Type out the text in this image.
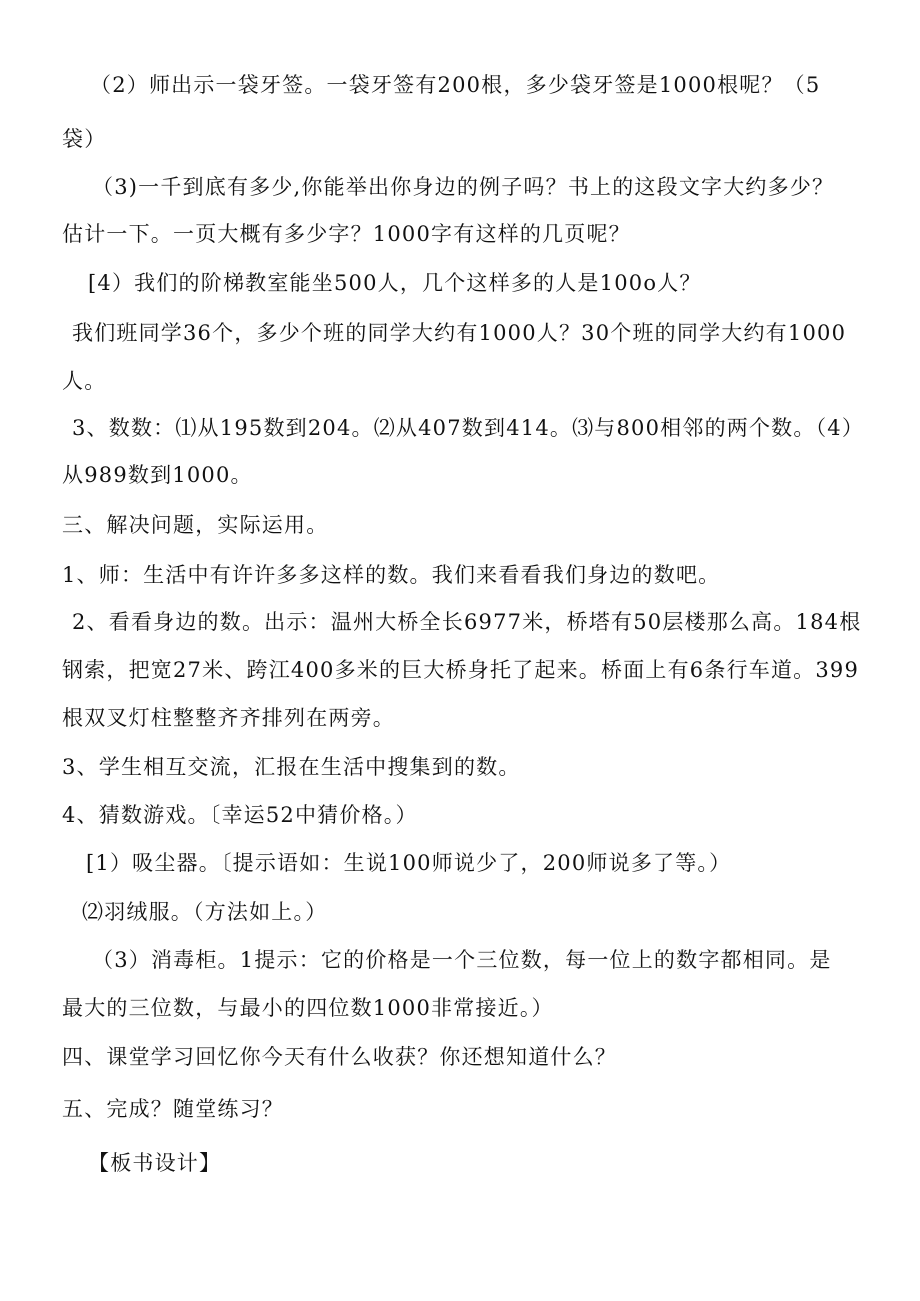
（2）师出示一袋牙签。一袋牙签有200根，多少袋牙签是1000根呢？（5
袋）
（3)一千到底有多少,你能举出你身边的例子吗？书上的这段文字大约多少？
估计一下。一页大概有多少字？1000字有这样的几页呢？
[4）我们的阶梯教室能坐500人，几个这样多的人是100o人？
我们班同学36个，多少个班的同学大约有1000人？30个班的同学大约有1000
人。
3、数数：⑴从195数到204。⑵从407数到414。⑶与800相邻的两个数。（4）
从989数到1000。
三、解决问题，实际运用。
1、师：生活中有许许多多这样的数。我们来看看我们身边的数吧。
2、看看身边的数。出示：温州大桥全长6977米，桥塔有50层楼那么高。184根
钢索，把宽27米、跨江400多米的巨大桥身托了起来。桥面上有6条行车道。399
根双叉灯柱整整齐齐排列在两旁。
3、学生相互交流，汇报在生活中搜集到的数。
4、猜数游戏。〔幸运52中猜价格。）
[1）吸尘器。〔提示语如：生说100师说少了，200师说多了等。）
⑵羽绒服。（方法如上。）
（3）消毒柜。1提示：它的价格是一个三位数，每一位上的数字都相同。是
最大的三位数，与最小的四位数1000非常接近。）
四、课堂学习回忆你今天有什么收获？你还想知道什么？
五、完成？随堂练习？
【板书设计】
